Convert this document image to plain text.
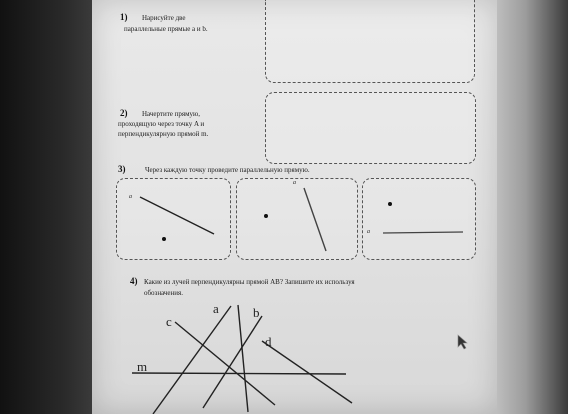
1) Нарисуйте две
параллельные прямые a и b.
2) Начертите прямую,
проходящую через точку A и
перпендикулярную прямой m.
3)	Через каждую точку проведите параллельную прямую.
a
a
a
4) Какие из лучей перпендикулярны прямой AB? Запишите их используя
обозначения.
a	b
c
d
m
